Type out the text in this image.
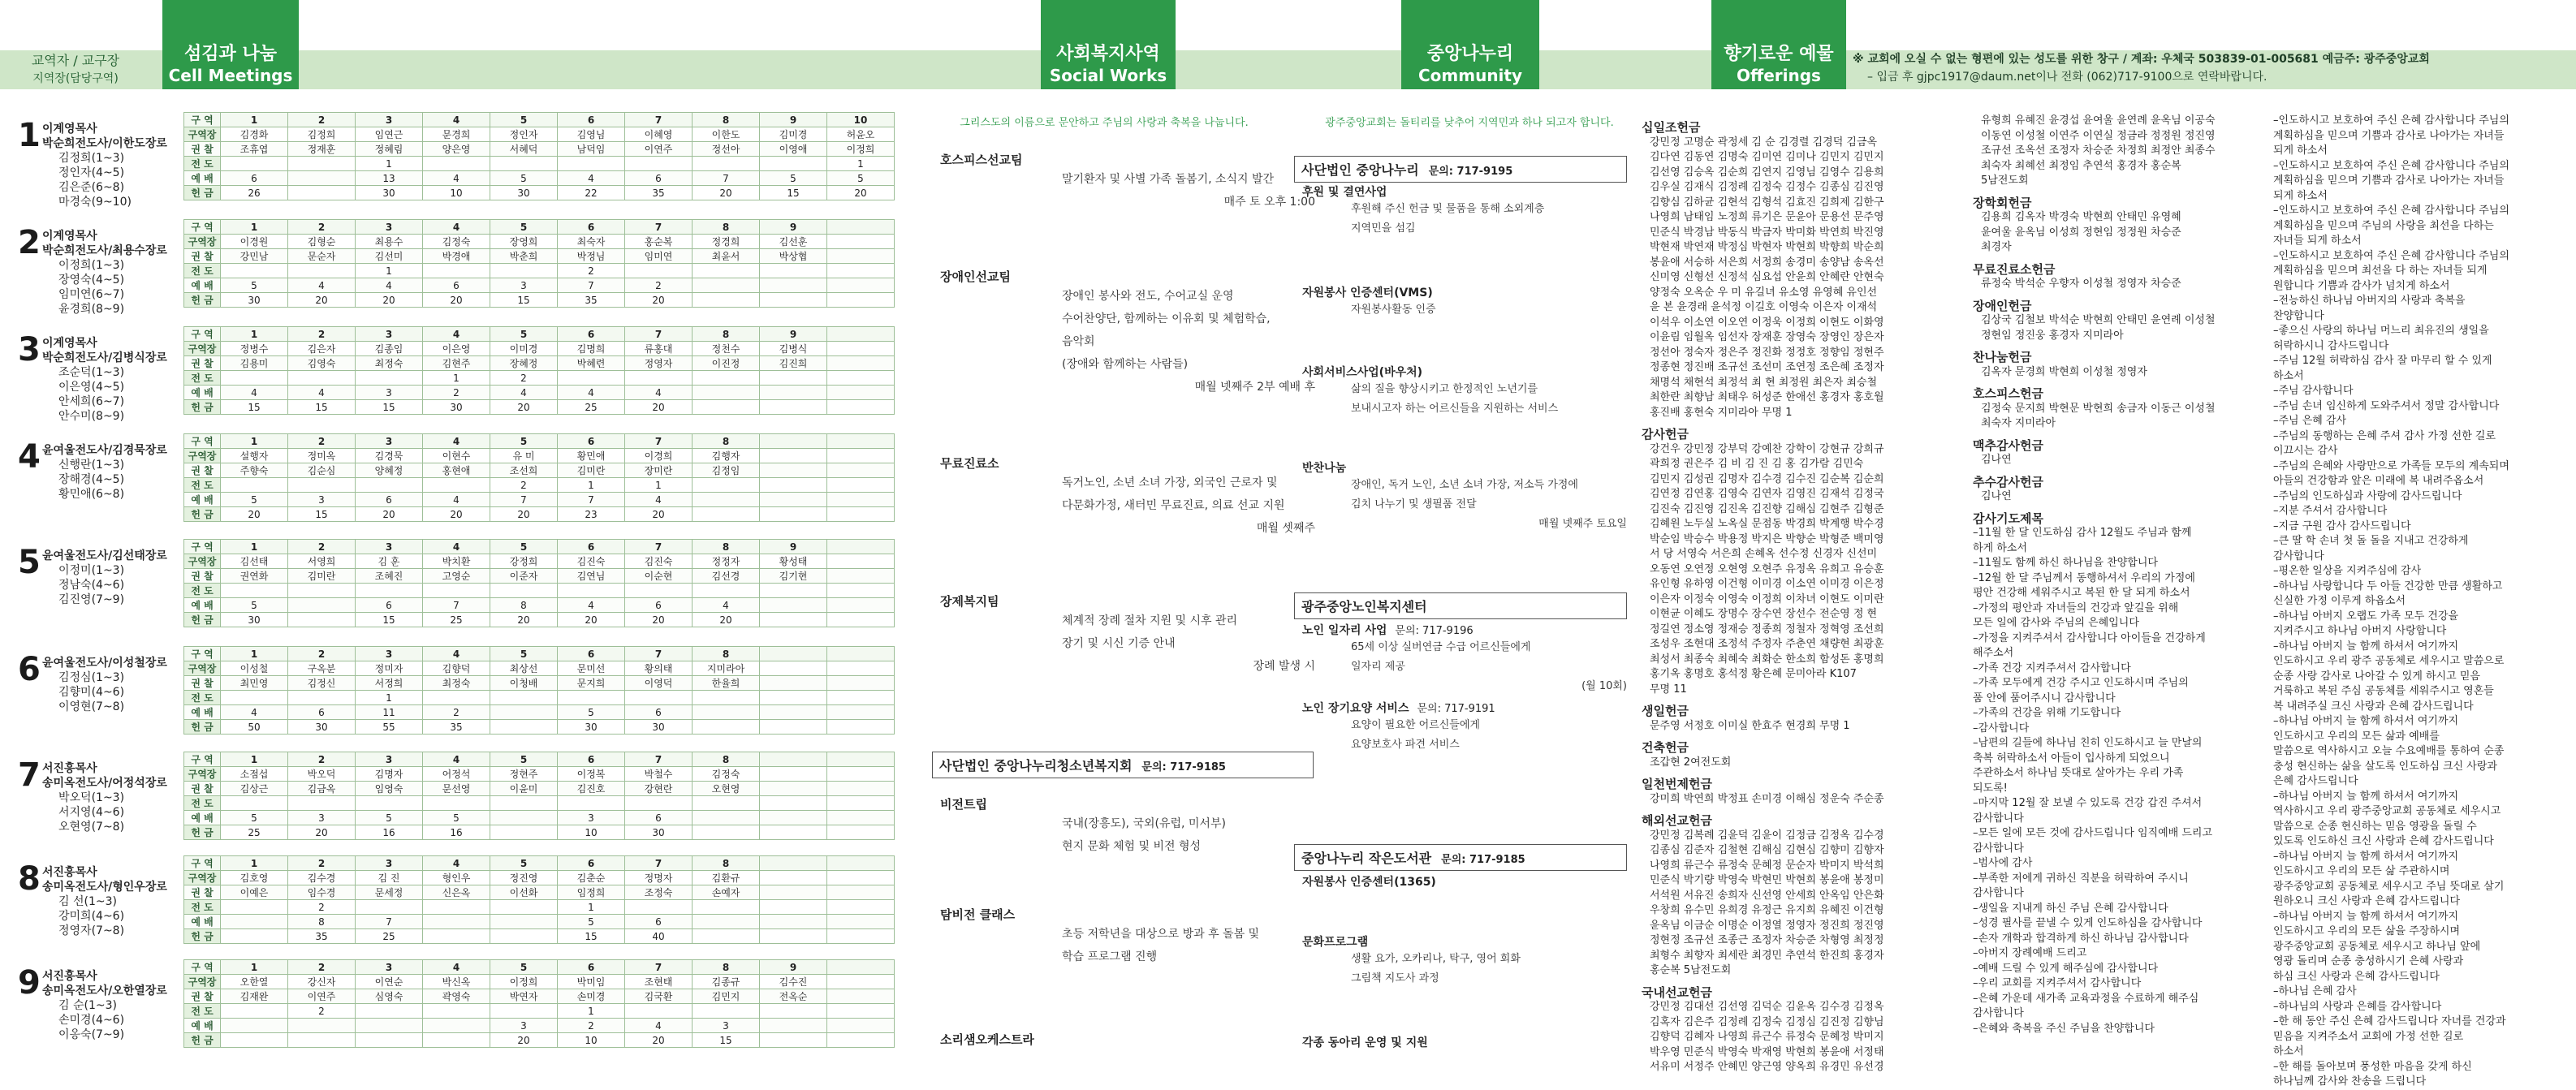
교역자 / 교구장
지역장(담당구역)
섬김과 나눔
Cell Meetings
사회복지사역
Social Works
중앙나누리
Community Center
향기로운 예물
Offerings
※ 교회에 오실 수 없는 형편에 있는 성도를 위한 창구 / 계좌: 우체국 503839-01-005681 예금주: 광주중앙교회
– 입금 후 gjpc1917@daum.net이나 전화 (062)717-9100으로 연락바랍니다.
1 이계영목사
박순희전도사/이한도장로
김정희(1~3)
정인자(4~5)
김은준(6~8)
마경숙(9~10)
구 역	1	2	3	4	5	6	7	8	9	10
구역장	김경화	김정희	임연근	문경희	정인자	김영님	이혜영	이한도	김미경	허윤오
권 찰	조휴엽	정재훈	정혜림	양은영	서혜덕	남덕임	이연주	정선아	이영애	이정희
전 도			1							1
예 배	6		13	4	5	4	6	7	5	5
헌 금	26		30	10	30	22	35	20	15	20
2 이계영목사
박순희전도사/최용수장로
이정희(1~3)
장영숙(4~5)
임미연(6~7)
윤경희(8~9)
구 역	1	2	3	4	5	6	7	8	9	
구역장	이경원	김형순	최용수	김정숙	장영희	최숙자	홍순복	정경희	김선훈	
권 찰	강민남	문순자	김선미	박경애	박춘희	박정님	임미연	최윤서	박상협	
전 도			1			2				
예 배	5	4	4	6	3	7	2			
헌 금	30	20	20	20	15	35	20			
3 이계영목사
박순희전도사/김병식장로
조순덕(1~3)
이은영(4~5)
안세희(6~7)
안수미(8~9)
구 역	1	2	3	4	5	6	7	8	9	
구역장	정병수	김은자	김종임	이은영	이미경	김명희	류홍대	정천수	김병식	
권 찰	김용미	김영숙	최정숙	김현주	장혜정	박혜련	정영자	이진정	김진희	
전 도				1	2					
예 배	4	4	3	2	4	4	4			
헌 금	15	15	15	30	20	25	20			
4 윤여울전도사/김경묵장로
신행란(1~3)
장해경(4~5)
황민애(6~8)
구 역	1	2	3	4	5	6	7	8		
구역장	설행자	정미옥	김경묵	이현수	유 미	황민애	이경희	김행자		
권 찰	주향숙	김순심	양혜정	홍현애	조선희	김미란	장미란	김정임		
전 도					2	1	1			
예 배	5	3	6	4	7	7	4			
헌 금	20	15	20	20	20	23	20			
5 윤여울전도사/김선태장로
이정미(1~3)
정남숙(4~6)
김진영(7~9)
구 역	1	2	3	4	5	6	7	8	9	
구역장	김선태	서영희	김 훈	박치환	강정희	김진숙	김진숙	정정자	황성태	
권 찰	권연화	김미란	조혜진	고영순	이준자	김연님	이순현	김선경	김기현	
전 도										
예 배	5		6	7	8	4	6	4		
헌 금	30		15	25	20	20	20	20		
6 윤여울전도사/이성철장로
김정심(1~3)
김향미(4~6)
이영현(7~8)
구 역	1	2	3	4	5	6	7	8		
구역장	이성철	구옥분	정미자	김향덕	최상선	문미선	황의태	지미라아		
권 찰	최민영	김정신	서정희	최정숙	이청배	문지희	이영덕	한율희		
전 도			1							
예 배	4	6	11	2		5	6			
헌 금	50	30	55	35		30	30			
7 서진흥목사
송미옥전도사/어정석장로
박오덕(1~3)
서지영(4~6)
오현영(7~8)
구 역	1	2	3	4	5	6	7	8		
구역장	소점섭	박오덕	김명자	어정석	정현주	이정복	박철수	김정숙		
권 찰	김상근	김금옥	임영숙	문선영	이윤미	김진호	강현란	오현영		
전 도										
예 배	5	3	5	5		3	6			
헌 금	25	20	16	16		10	30			
8 서진흥목사
송미옥전도사/형인우장로
김 선(1~3)
강미희(4~6)
정영자(7~8)
구 역	1	2	3	4	5	6	7	8		
구역장	김호영	김수경	김 진	형인우	정진영	김춘순	정명자	김환규		
권 찰	이예은	임수경	문세정	신은옥	이선화	임정희	조정숙	손예자		
전 도		2				1				
예 배		8	7			5	6			
헌 금		35	25			15	40			
9 서진흥목사
송미옥전도사/오한열장로
김 순(1~3)
손미경(4~6)
이옹숙(7~9)
구 역	1	2	3	4	5	6	7	8	9	
구역장	오한열	강신자	이연순	박신옥	이정희	박미임	조현태	김종규	김수진	
권 찰	김재완	이연주	심영숙	곽영숙	박연자	손미경	김국환	김민지	전옥순	
전 도		2				1				
예 배					3	2	4	3		
헌 금					20	10	20	15		
그리스도의 이름으로 문안하고 주님의 사랑과 축복을 나눕니다.
호스피스선교팀
말기환자 및 사별 가족 돌봄기, 소식지 발간
매주 토 오후 1:00
장애인선교팀
장애인 봉사와 전도, 수어교실 운영
수어찬양단, 함께하는 이유회 및 체험학습,
음악회
(장애와 함께하는 사람들)
매월 넷째주 2부 예배 후
무료진료소
독거노인, 소년 소녀 가장, 외국인 근로자 및
다문화가정, 새터민 무료진료, 의료 선교 지원
매월 셋째주
장제복지팀
체계적 장례 절차 지원 및 시후 관리
장기 및 시신 기증 안내
장례 발생 시
사단법인 중앙나누리청소년복지회 문의: 717-9185
비전트립
국내(장흥도), 국외(유럽, 미서부)
현지 문화 체험 및 비전 형성
탐비전 클래스
초등 저학년을 대상으로 방과 후 돌봄 및
학습 프로그램 진행
소리샘오케스트라
광주중앙교회는 돌티리를 낮추어 지역민과 하나 되고자 합니다.
사단법인 중앙나누리 문의: 717-9195
후원 및 결연사업
후원해 주신 헌금 및 물품을 통해 소외계층
지역민을 섬김
자원봉사 인증센터(VMS)
자원봉사활동 인증
사회서비스사업(바우처)
삶의 질을 향상시키고 한정적인 노년기를
보내시고자 하는 어르신들을 지원하는 서비스
반찬나눔
장애인, 독거 노인, 소년 소녀 가장, 저소득 가정에
김치 나누기 및 생필품 전달
매월 넷째주 토요일
광주중앙노인복지센터
노인 일자리 사업 문의: 717-9196
65세 이상 실버연금 수급 어르신들에게
일자리 제공
(월 10회)
노인 장기요양 서비스 문의: 717-9191
요양이 필요한 어르신들에게
요양보호사 파견 서비스
중앙나누리 작은도서관 문의: 717-9185
자원봉사 인증센터(1365)
문화프로그램
생활 요가, 오카리나, 탁구, 영어 회화
그림책 지도사 과정
각종 동아리 운영 및 지원
십일조헌금
강민정 고명순 곽정세 김 순 김경렬 김경덕 김금옥
김다연 김동연 김명숙 김미연 김미나 김민지 김민지
김선영 김승옥 김순희 김연지 김영님 김영수 김용희
김우실 김재식 김정례 김정숙 김정수 김종심 김진영
김향심 김하균 김현석 김형석 김효진 김희제 김한구
나영희 남태임 노정희 류기은 문윤아 문용선 문주영
민준식 박경남 박동식 박금자 박미화 박연희 박진영
박현재 박연재 박정심 박현자 박현희 박향희 박순희
봉윤애 서승하 서은희 서정희 송경미 송양남 송옥선
신미영 신형선 신정석 심요섭 안윤희 안혜란 안현숙
양정숙 오옥순 우 미 유길녀 유소영 유영혜 유인선
윤 본 윤경래 윤석정 이길호 이영숙 이은자 이재석
이석우 이소연 이오연 이정욱 이정희 이현도 이화영
이윤림 임월옥 임선자 장재훈 장영숙 장영인 장은자
정선아 정숙자 정은주 정진화 정정호 정향임 정현주
정종현 정진배 조규선 조선미 조연정 조은혜 조정자
채명석 채현석 최정석 최 현 최정원 최은자 최승철
최한란 최향남 최태우 허성준 한애선 홍경자 홍호월
홍진배 홍현숙 지미라아 무명 1
감사헌금
강건우 강민정 강부덕 강예찬 강학이 강현규 강희규
곽희정 권은주 김 비 김 진 김 홍 김가람 김민숙
김민지 김성권 김명자 김수경 김수진 김순복 김순희
김연정 김연홍 김영숙 김연자 김영진 김재석 김정국
김진숙 김진영 김진옥 김진향 김해심 김현주 김형준
김혜원 노두실 노옥실 문점동 박경희 박계행 박수경
박순임 박승수 박용정 박지은 박향순 박형준 백미영
서 당 서영숙 서은희 손혜옥 선수정 신경자 신선미
오동연 오연정 오현영 오현주 유정옥 유희고 유승훈
유인형 유하영 이건형 이미경 이소연 이미경 이은정
이은자 이정숙 이영숙 이정희 이차녀 이현도 이미란
이현균 이혜도 장명수 장수연 장선수 전순영 정 현
정길연 정소영 정재승 정종희 정철자 정혁영 조선희
조성우 조현대 조정석 주정자 주춘연 채량현 최광훈
최성서 최종숙 최혜숙 최화순 한소희 함성돈 홍명희
홍기옥 홍명호 홍석정 황은혜 문미아라 K107
무명 11
생일헌금
문주영 서정호 이미실 한효주 현경희 무명 1
건축헌금
조갑현 2여전도회
일천번제헌금
강미희 박연희 박정표 손미경 이해심 정운숙 주순종
해외선교헌금
강민정 김복례 김윤덕 김윤이 김정금 김정옥 김수경
김종심 김준자 김철현 김해심 김현심 김향미 김향자
나영희 류근수 류정숙 문혜정 문순자 박미지 박석희
민준식 박기량 박영숙 박현민 박현희 봉윤애 봉정미
서석원 서유진 송희자 신선영 안세희 안옥임 안은화
우창희 유수민 유희경 유정근 유지희 유혜진 이건형
윤옥님 이금순 이명순 이정열 정영자 정진희 정진영
정현정 조규선 조종근 조정자 차승준 차형영 최정정
최형수 최향자 최세란 최경민 추연석 한진희 홍경자
홍순복 5남전도회
국내선교헌금
강민정 김대선 김선영 김덕순 김윤옥 김수경 김정옥
김혹자 김은주 김정례 김정숙 김정심 김진정 김향님
김향덕 김혜자 나영희 류근수 류정숙 문혜정 박미지
박우영 민준식 박영숙 박재영 박현희 봉윤애 서정태
서유미 서정주 안혜민 양근영 양옥희 유경민 유선경
유형희 유혜진 윤경섭 윤여울 윤연례 윤옥님 이공숙
이동연 이성철 이연주 이연실 정금라 정정원 정진영
조규선 조옥선 조정자 차승준 차정희 최정안 최종수
최숙자 최혜선 최정임 추연석 홍경자 홍순복
5남전도회
장학회헌금
김용희 김옥자 박경숙 박현희 안태민 유영혜
윤여울 윤옥님 이성희 정현임 정정원 차승준
최경자
무료진료소헌금
류정숙 박석순 우향자 이성철 정영자 차승준
장애인헌금
김상국 김철보 박석순 박현희 안태민 윤연례 이성철
정현임 정진웅 홍경자 지미라아
찬나눔헌금
김옥자 문경희 박현희 이성철 정영자
호스피스헌금
김정숙 문지희 박현문 박현희 송금자 이동근 이성철
최숙자 지미라아
맥추감사헌금
김나연
추수감사헌금
김나연
감사기도제목
–11월 한 달 인도하심 감사 12월도 주님과 함께
하게 하소서
–11월도 함께 하신 하나님을 찬양합니다
–12월 한 달 주님께서 동행하셔서 우리의 가정에
평안 건강해 세워주시고 복된 한 달 되게 하소서
–가정의 평안과 자녀들의 건강과 앞길을 위해
모든 일에 감사와 주님의 은혜입니다
–가정을 지켜주셔서 감사합니다 아이들을 건강하게
해주소서
–가족 건강 지켜주셔서 감사합니다
–가족 모두에게 건강 주시고 인도하시며 주님의
품 안에 품어주시니 감사합니다
–가족의 건강을 위해 기도합니다
–감사합니다
–남편의 길들에 하나님 친히 인도하시고 늘 만날의
축복 허락하소서 아들이 입사하게 되었으니
주관하소서 하나님 뜻대로 살아가는 우리 가족
되도록!
–마지막 12월 잘 보낼 수 있도록 건강 갑진 주셔서
감사합니다
–모든 일에 모든 것에 감사드립니다 임직예배 드리고
감사합니다
–범사에 감사
–부족한 저에게 귀하신 직분을 허락하여 주시니
감사합니다
–생일을 지내게 하신 주님 은혜 감사합니다
–성경 필사를 끝낼 수 있게 인도하심을 감사합니다
–손자 개학과 합격하게 하신 하나님 감사합니다
–아버지 장례예배 드리고
–예배 드릴 수 있게 해주심에 감사합니다
–우리 교회를 지켜주셔서 감사합니다
–은혜 가운데 새가족 교육과정을 수료하게 해주심
감사합니다
–은혜와 축복을 주신 주님을 찬양합니다
–인도하시고 보호하여 주신 은혜 감사합니다 주님의
계획하심을 믿으며 기쁨과 감사로 나아가는 자녀들
되게 하소서
–인도하시고 보호하여 주신 은혜 감사합니다 주님의
계획하심을 믿으며 기쁨과 감사로 나아가는 자녀들
되게 하소서
–인도하시고 보호하여 주신 은혜 감사합니다 주님의
계획하심을 믿으며 주님의 사랑을 최선을 다하는
자녀들 되게 하소서
–인도하시고 보호하여 주신 은혜 감사합니다 주님의
계획하심을 믿으며 최선을 다 하는 자녀들 되게
원합니다 기쁨과 감사가 넘치게 하소서
–전능하신 하나님 아버지의 사랑과 축복을
찬양합니다
–좋으신 사랑의 하나님 머느리 최유진의 생일을
허락하시니 감사드립니다
–주님 12월 허락하심 감사 잘 마무리 할 수 있게
하소서
–주님 감사합니다
–주님 손녀 임신하게 도와주셔서 정말 감사합니다
–주님 은혜 감사
–주님의 동행하는 은혜 주셔 감사 가정 선한 길로
이끄시는 감사
–주님의 은혜와 사랑만으로 가족들 모두의 계속되며
아들의 건강함과 앞은 미래에 복 내려주옵소서
–주님의 인도하심과 사랑에 감사드립니다
–지분 주셔서 감사합니다
–지금 구원 감사 감사드립니다
–큰 딸 학 손녀 첫 돌 돌을 지내고 건강하게
감사합니다
–평온한 일상을 지켜주심에 감사
–하나님 사랑합니다 두 아들 건강한 만큼 생활하고
신실한 가정 이루게 하옵소서
–하나님 아버지 오랩도 가족 모두 건강을
지켜주시고 하나님 아버지 사랑합니다
–하나님 아버지 늘 함께 하셔서 여기까지
인도하시고 우리 광주 공동체로 세우시고 말씀으로
순종 사랑 감사로 나아갈 수 있게 하시고 믿음
거룩하고 복된 주심 공동체를 세워주시고 영혼들
복 내려주실 크신 사랑과 은혜 감사드립니다
–하나님 아버지 늘 함께 하셔서 여기까지
인도하시고 우리의 모든 삶과 예배를
말씀으로 역사하시고 오늘 수요예배를 통하여 순종
충성 현신하는 삶을 살도록 인도하심 크신 사랑과
은혜 감사드립니다
–하나님 아버지 늘 함께 하셔서 여기까지
역사하시고 우리 광주중앙교회 공동체로 세우시고
말씀으로 순종 현신하는 믿음 영광을 돌릴 수
있도록 인도하신 크신 사랑과 은혜 감사드립니다
–하나님 아버지 늘 함께 하셔서 여기까지
인도하시고 우리의 모든 삶 주관하시며
광주중앙교회 공동체로 세우시고 주님 뜻대로 살기
원하오니 크신 사랑과 은혜 감사드립니다
–하나님 아버지 늘 함께 하셔서 여기까지
인도하시고 우리의 모든 삶을 주장하시며
광주중앙교회 공동체로 세우시고 하나님 앞에
영광 돌리며 순종 충성하시기 은혜 사랑과
하심 크신 사랑과 은혜 감사드립니다
–하나님 은혜 감사
–하나님의 사랑과 은혜를 감사합니다
–한 해 동안 주신 은혜 감사드립니다 자녀를 건강과
믿음을 지켜주소서 교회에 가정 선한 길로
하소서
–한 해를 돌아보며 풍성한 마음을 갖게 하신
하나님께 감사와 찬송을 드립니다
